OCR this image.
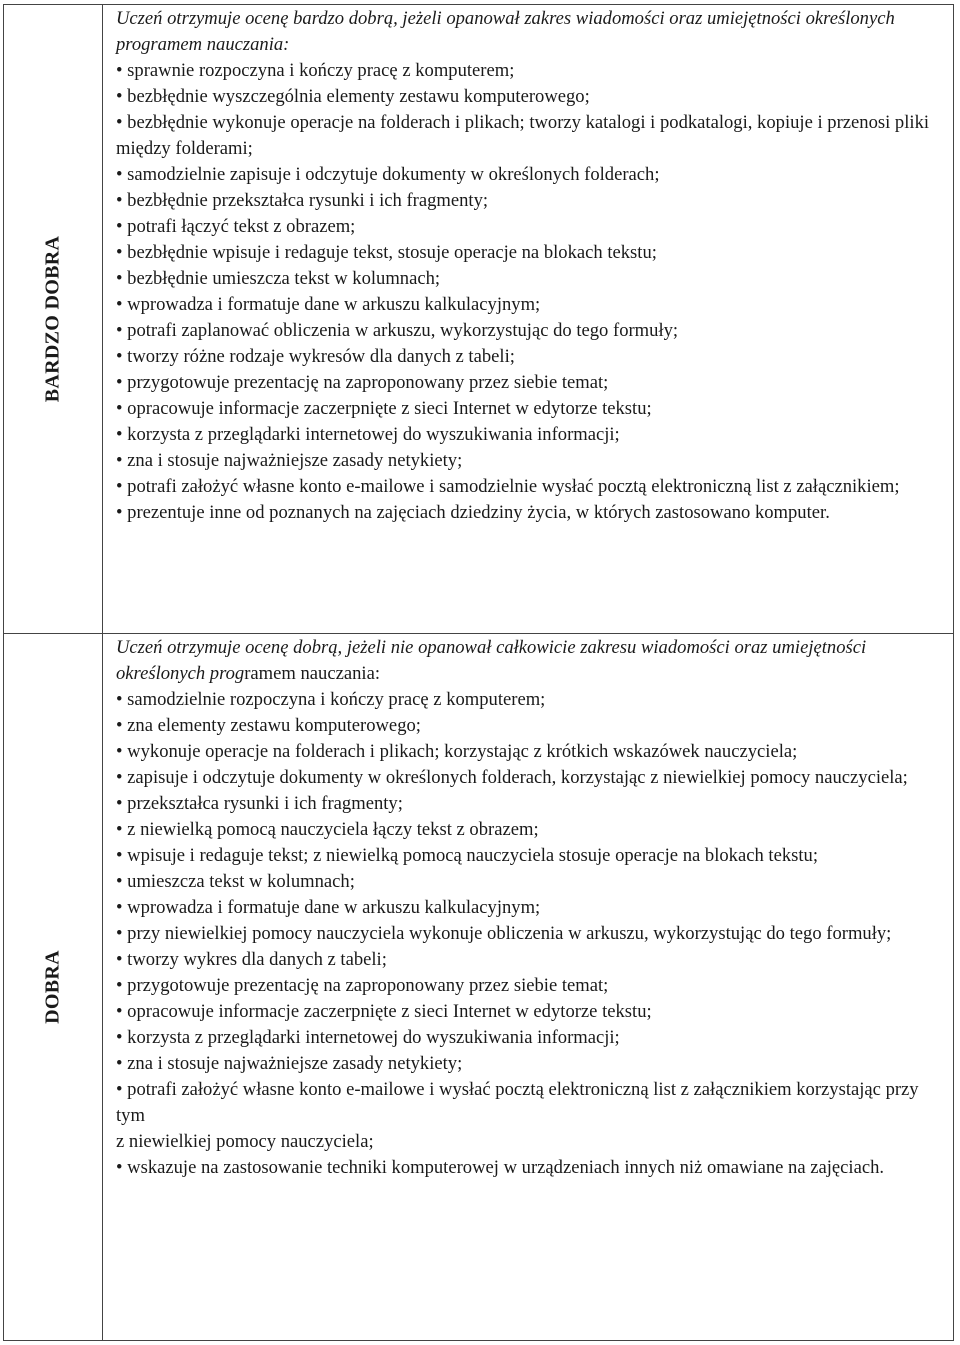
BARDZO DOBRA
Uczeń otrzymuje ocenę bardzo dobrą, jeżeli opanował zakres wiadomości oraz umiejętności określonych programem nauczania:
• sprawnie rozpoczyna i kończy pracę z komputerem;
• bezbłędnie wyszczególnia elementy zestawu komputerowego;
• bezbłędnie wykonuje operacje na folderach i plikach; tworzy katalogi i podkatalogi, kopiuje i przenosi pliki
między folderami;
• samodzielnie zapisuje i odczytuje dokumenty w określonych folderach;
• bezbłędnie przekształca rysunki i ich fragmenty;
• potrafi łączyć tekst z obrazem;
• bezbłędnie wpisuje i redaguje tekst, stosuje operacje na blokach tekstu;
• bezbłędnie umieszcza tekst w kolumnach;
• wprowadza i formatuje dane w arkuszu kalkulacyjnym;
• potrafi zaplanować obliczenia w arkuszu, wykorzystując do tego formuły;
• tworzy różne rodzaje wykresów dla danych z tabeli;
• przygotowuje prezentację na zaproponowany przez siebie temat;
• opracowuje informacje zaczerpnięte z sieci Internet w edytorze tekstu;
• korzysta z przeglądarki internetowej do wyszukiwania informacji;
• zna i stosuje najważniejsze zasady netykiety;
• potrafi założyć własne konto e-mailowe i samodzielnie wysłać pocztą elektroniczną list z załącznikiem;
• prezentuje inne od poznanych na zajęciach dziedziny życia, w których zastosowano komputer.
DOBRA
Uczeń otrzymuje ocenę dobrą, jeżeli nie opanował całkowicie zakresu wiadomości oraz umiejętności określonych programem nauczania:
• samodzielnie rozpoczyna i kończy pracę z komputerem;
• zna elementy zestawu komputerowego;
• wykonuje operacje na folderach i plikach; korzystając z krótkich wskazówek nauczyciela;
• zapisuje i odczytuje dokumenty w określonych folderach, korzystając z niewielkiej pomocy nauczyciela;
• przekształca rysunki i ich fragmenty;
• z niewielką pomocą nauczyciela łączy tekst z obrazem;
• wpisuje i redaguje tekst; z niewielką pomocą nauczyciela stosuje operacje na blokach tekstu;
• umieszcza tekst w kolumnach;
• wprowadza i formatuje dane w arkuszu kalkulacyjnym;
• przy niewielkiej pomocy nauczyciela wykonuje obliczenia w arkuszu, wykorzystując do tego formuły;
• tworzy wykres dla danych z tabeli;
• przygotowuje prezentację na zaproponowany przez siebie temat;
• opracowuje informacje zaczerpnięte z sieci Internet w edytorze tekstu;
• korzysta z przeglądarki internetowej do wyszukiwania informacji;
• zna i stosuje najważniejsze zasady netykiety;
• potrafi założyć własne konto e-mailowe i wysłać pocztą elektroniczną list z załącznikiem korzystając przy tym
z niewielkiej pomocy nauczyciela;
• wskazuje na zastosowanie techniki komputerowej w urządzeniach innych niż omawiane na zajęciach.
